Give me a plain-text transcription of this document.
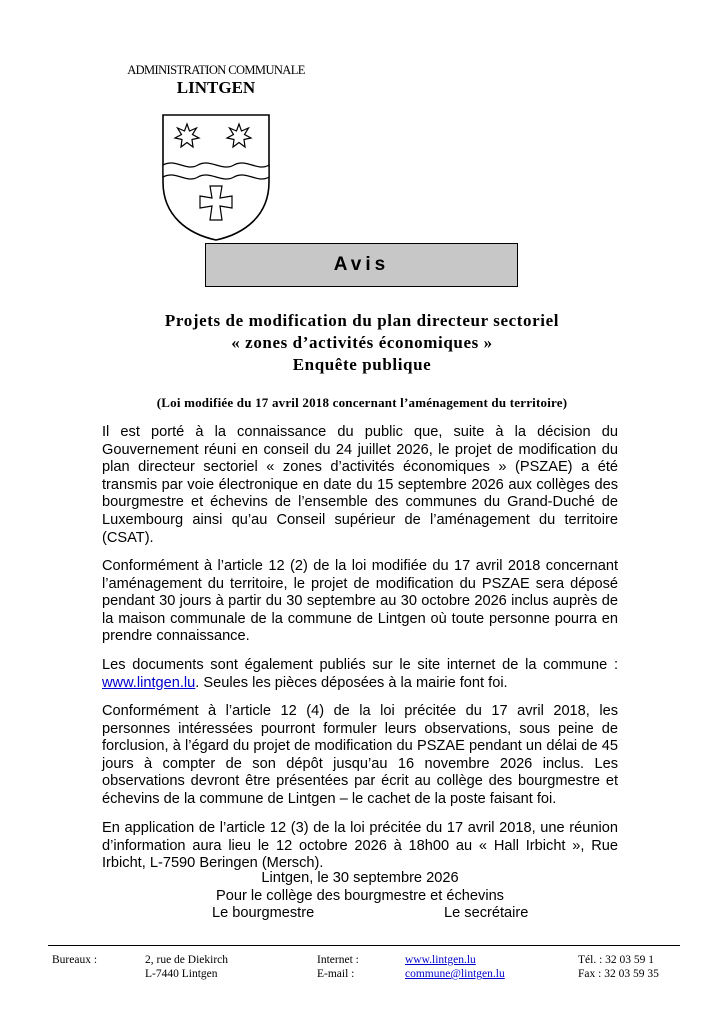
ADMINISTRATION COMMUNALE
LINTGEN
Avis
Projets de modification du plan directeur sectoriel
« zones d’activités économiques »
Enquête publique
(Loi modifiée du 17 avril 2018 concernant l’aménagement du territoire)
Il est porté à la connaissance du public que, suite à la décision du Gouvernement réuni en conseil du 24 juillet 2026, le projet de modification du plan directeur sectoriel « zones d’activités économiques » (PSZAE) a été transmis par voie électronique en date du 15 septembre 2026 aux collèges des bourgmestre et échevins de l’ensemble des communes du Grand-Duché de Luxembourg ainsi qu’au Conseil supérieur de l’aménagement du territoire (CSAT).
Conformément à l’article 12 (2) de la loi modifiée du 17 avril 2018 concernant l’aménagement du territoire, le projet de modification du PSZAE sera déposé pendant 30 jours à partir du 30 septembre au 30 octobre 2026 inclus auprès de la maison communale de la commune de Lintgen où toute personne pourra en prendre connaissance.
Les documents sont également publiés sur le site internet de la commune : www.lintgen.lu. Seules les pièces déposées à la mairie font foi.
Conformément à l’article 12 (4) de la loi précitée du 17 avril 2018, les personnes intéressées pourront formuler leurs observations, sous peine de forclusion, à l’égard du projet de modification du PSZAE pendant un délai de 45 jours à compter de son dépôt jusqu’au 16 novembre 2026 inclus. Les observations devront être présentées par écrit au collège des bourgmestre et échevins de la commune de Lintgen – le cachet de la poste faisant foi.
En application de l’article 12 (3) de la loi précitée du 17 avril 2018, une réunion d’information aura lieu le 12 octobre 2026 à 18h00 au « Hall Irbicht », Rue Irbicht, L-7590 Beringen (Mersch).
Lintgen, le 30 septembre 2026
Pour le collège des bourgmestre et échevins
Le bourgmestre	Le secrétaire
Bureaux :	2, rue de Diekirch
L-7440 Lintgen
Internet :
E-mail :
www.lintgen.lu
commune@lintgen.lu
Tél. : 32 03 59 1
Fax : 32 03 59 35
